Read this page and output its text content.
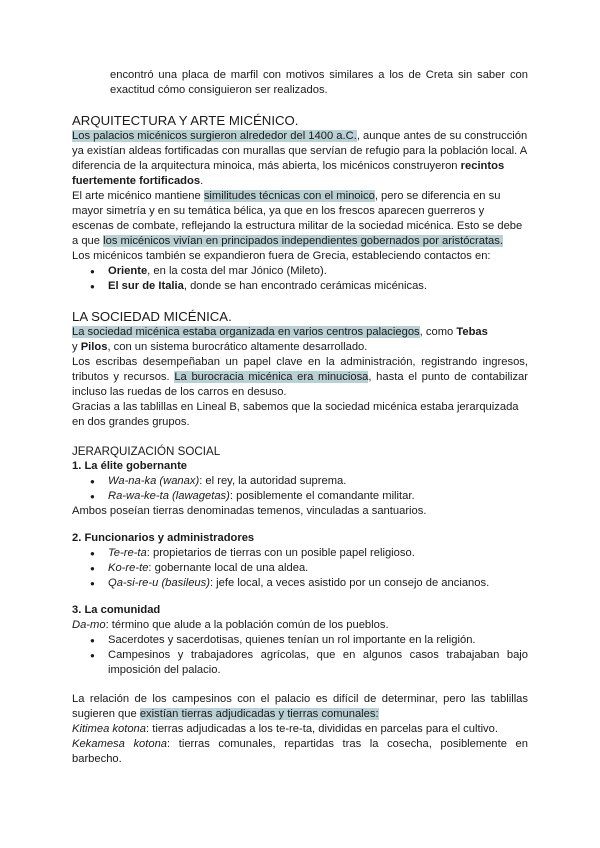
encontró una placa de marfil con motivos similares a los de Creta sin saber con exactitud cómo consiguieron ser realizados.

ARQUITECTURA Y ARTE MICÉNICO.

Los palacios micénicos surgieron alrededor del 1400 a.C., aunque antes de su construcción ya existían aldeas fortificadas con murallas que servían de refugio para la población local. A diferencia de la arquitectura minoica, más abierta, los micénicos construyeron recintos fuertemente fortificados.

El arte micénico mantiene similitudes técnicas con el minoico, pero se diferencia en su mayor simetría y en su temática bélica, ya que en los frescos aparecen guerreros y escenas de combate, reflejando la estructura militar de la sociedad micénica. Esto se debe a que los micénicos vivían en principados independientes gobernados por aristócratas.

Los micénicos también se expandieron fuera de Grecia, estableciendo contactos en:

● Oriente, en la costa del mar Jónico (Mileto).
● El sur de Italia, donde se han encontrado cerámicas micénicas.
LA SOCIEDAD MICÉNICA.

La sociedad micénica estaba organizada en varios centros palaciegos, como Tebas
y Pilos, con un sistema burocrático altamente desarrollado.

Los escribas desempeñaban un papel clave en la administración, registrando ingresos, tributos y recursos. La burocracia micénica era minuciosa, hasta el punto de contabilizar incluso las ruedas de los carros en desuso.

Gracias a las tablillas en Lineal B, sabemos que la sociedad micénica estaba jerarquizada en dos grandes grupos.

JERARQUIZACIÓN SOCIAL
1. La élite gobernante
● Wa-na-ka (wanax): el rey, la autoridad suprema.
● Ra-wa-ke-ta (lawagetas): posiblemente el comandante militar.

Ambos poseían tierras denominadas temenos, vinculadas a santuarios.

2. Funcionarios y administradores
● Te-re-ta: propietarios de tierras con un posible papel religioso.
● Ko-re-te: gobernante local de una aldea.
● Qa-si-re-u (basileus): jefe local, a veces asistido por un consejo de ancianos.
3. La comunidad

Da-mo: término que alude a la población común de los pueblos.

● Sacerdotes y sacerdotisas, quienes tenían un rol importante en la religión.
● Campesinos y trabajadores agrícolas, que en algunos casos trabajaban bajo imposición del palacio.

La relación de los campesinos con el palacio es difícil de determinar, pero las tablillas sugieren que existían tierras adjudicadas y tierras comunales:

Kitimea kotona: tierras adjudicadas a los te-re-ta, divididas en parcelas para el cultivo.

Kekamesa kotona: tierras comunales, repartidas tras la cosecha, posiblemente en barbecho.
